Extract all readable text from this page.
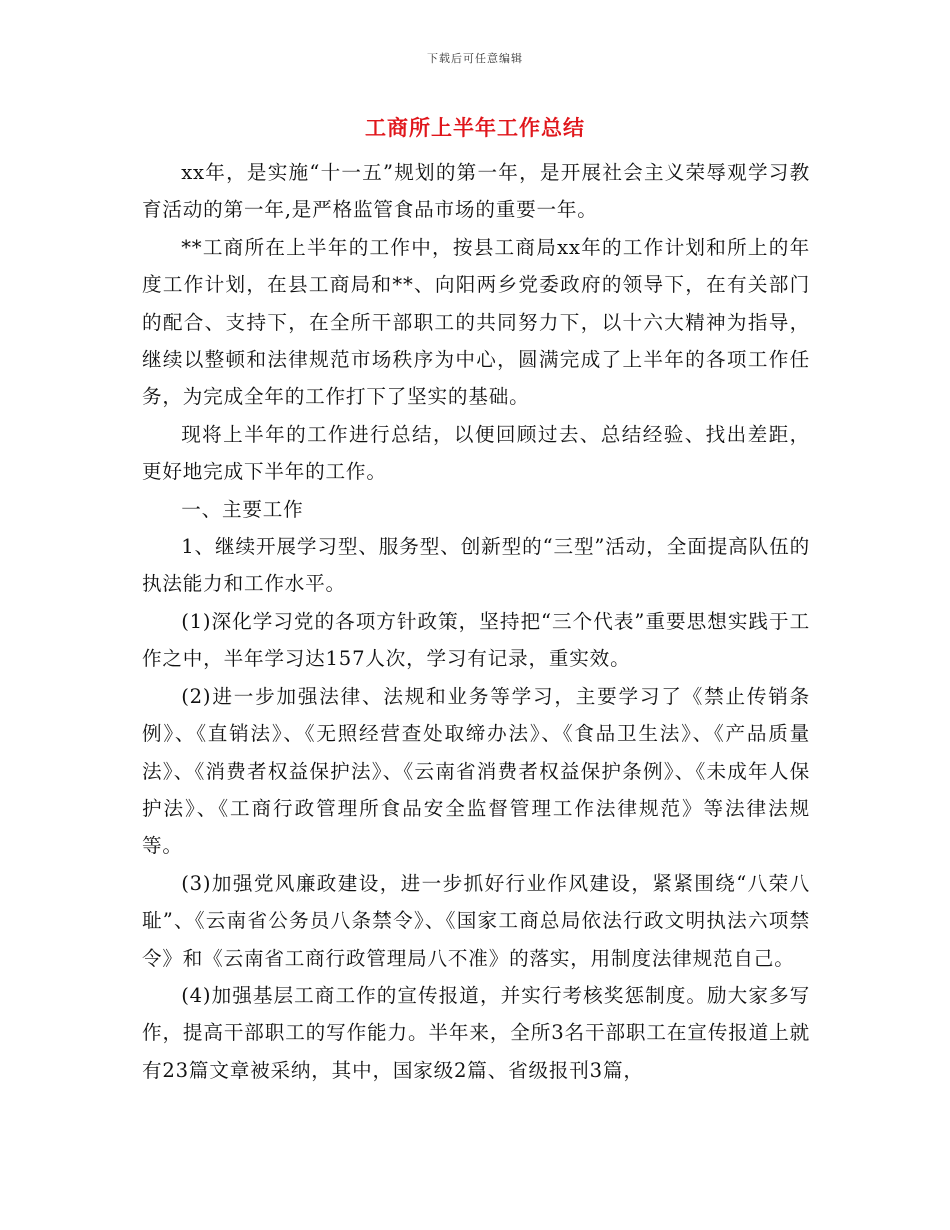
下载后可任意编辑
工商所上半年工作总结

xx年，是实施“十一五”规划的第一年，是开展社会主义荣辱观学习教育活动的第一年,是严格监管食品市场的重要一年。

**工商所在上半年的工作中，按县工商局xx年的工作计划和所上的年度工作计划，在县工商局和**、向阳两乡党委政府的领导下，在有关部门的配合、支持下，在全所干部职工的共同努力下，以十六大精神为指导，继续以整顿和法律规范市场秩序为中心，圆满完成了上半年的各项工作任务，为完成全年的工作打下了坚实的基础。

现将上半年的工作进行总结，以便回顾过去、总结经验、找出差距，更好地完成下半年的工作。

一、主要工作

1、继续开展学习型、服务型、创新型的“三型”活动，全面提高队伍的执法能力和工作水平。

(1)深化学习党的各项方针政策，坚持把“三个代表”重要思想实践于工作之中，半年学习达157人次，学习有记录，重实效。

(2)进一步加强法律、法规和业务等学习，主要学习了《禁止传销条例》、《直销法》、《无照经营查处取缔办法》、《食品卫生法》、《产品质量法》、《消费者权益保护法》、《云南省消费者权益保护条例》、《未成年人保护法》、《工商行政管理所食品安全监督管理工作法律规范》等法律法规等。

(3)加强党风廉政建设，进一步抓好行业作风建设，紧紧围绕“八荣八耻”、《云南省公务员八条禁令》、《国家工商总局依法行政文明执法六项禁令》和《云南省工商行政管理局八不准》的落实，用制度法律规范自己。

(4)加强基层工商工作的宣传报道，并实行考核奖惩制度。励大家多写作，提高干部职工的写作能力。半年来，全所3名干部职工在宣传报道上就有23篇文章被采纳，其中，国家级2篇、省级报刊3篇，
